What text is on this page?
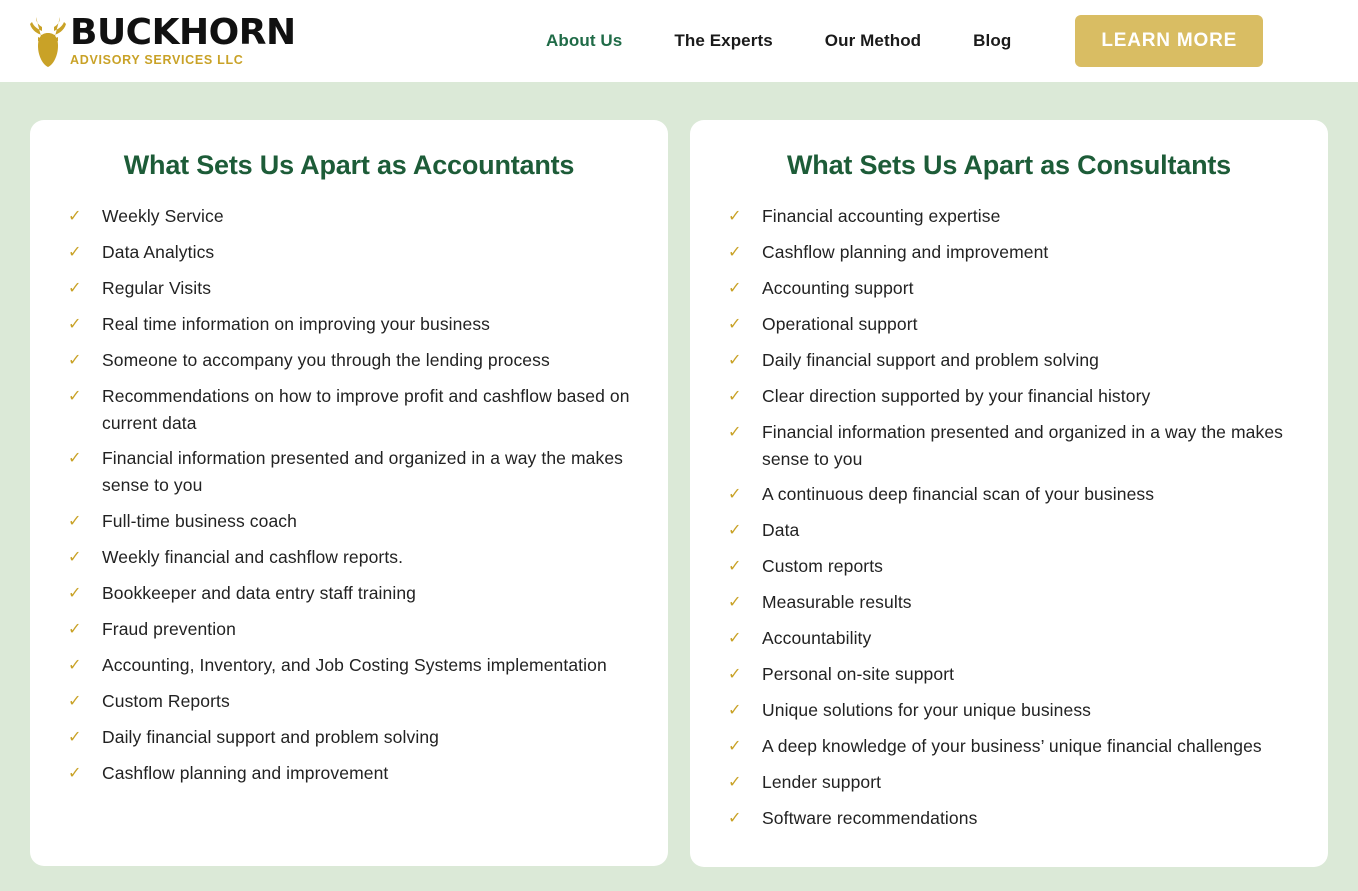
BUCKHORN
ADVISORY SERVICES LLC
About Us	The Experts	Our Method	Blog	LEARN MORE
What Sets Us Apart as Accountants
✓	Weekly Service
✓	Data Analytics
✓	Regular Visits
✓	Real time information on improving your business
✓	Someone to accompany you through the lending process
✓	Recommendations on how to improve profit and cashflow based on current data
✓	Financial information presented and organized in a way the makes sense to you
✓	Full-time business coach
✓	Weekly financial and cashflow reports.
✓	Bookkeeper and data entry staff training
✓	Fraud prevention
✓	Accounting, Inventory, and Job Costing Systems implementation
✓	Custom Reports
✓	Daily financial support and problem solving
✓	Cashflow planning and improvement
What Sets Us Apart as Consultants
✓	Financial accounting expertise
✓	Cashflow planning and improvement
✓	Accounting support
✓	Operational support
✓	Daily financial support and problem solving
✓	Clear direction supported by your financial history
✓	Financial information presented and organized in a way the makes sense to you
✓	A continuous deep financial scan of your business
✓	Data
✓	Custom reports
✓	Measurable results
✓	Accountability
✓	Personal on-site support
✓	Unique solutions for your unique business
✓	A deep knowledge of your business’ unique financial challenges
✓	Lender support
✓	Software recommendations
